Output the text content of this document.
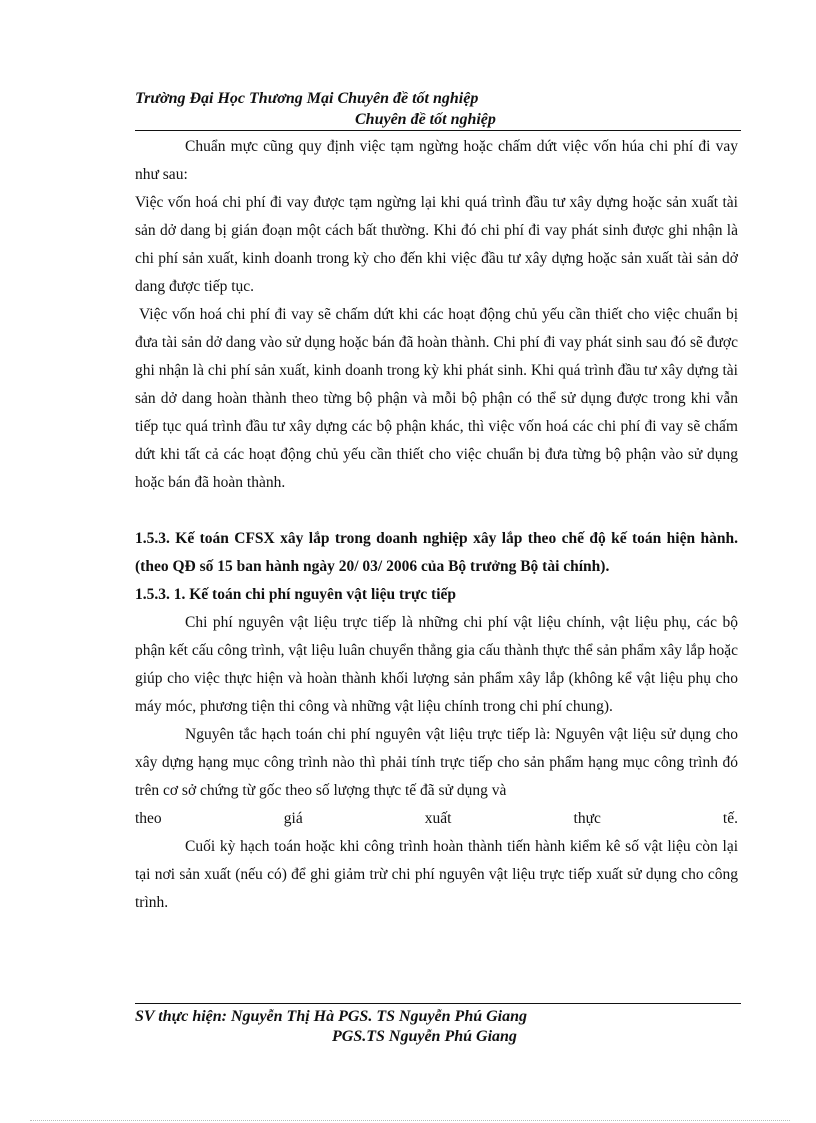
Trường Đại Học Thương Mại Chuyên đề tốt nghiệp
Chuyên đề tốt nghiệp

Chuẩn mực cũng quy định việc tạm ngừng hoặc chấm dứt việc vốn húa chi phí đi vay như sau:

Việc vốn hoá chi phí đi vay được tạm ngừng lại khi quá trình đầu tư xây dựng hoặc sản xuất tài sản dở dang bị gián đoạn một cách bất thường. Khi đó chi phí đi vay phát sinh được ghi nhận là chi phí sản xuất, kinh doanh trong kỳ cho đến khi việc đầu tư xây dựng hoặc sản xuất tài sản dở dang được tiếp tục.

Việc vốn hoá chi phí đi vay sẽ chấm dứt khi các hoạt động chủ yếu cần thiết cho việc chuẩn bị đưa tài sản dở dang vào sử dụng hoặc bán đã hoàn thành. Chi phí đi vay phát sinh sau đó sẽ được ghi nhận là chi phí sản xuất, kinh doanh trong kỳ khi phát sinh. Khi quá trình đầu tư xây dựng tài sản dở dang hoàn thành theo từng bộ phận và mỗi bộ phận có thể sử dụng được trong khi vẫn tiếp tục quá trình đầu tư xây dựng các bộ phận khác, thì việc vốn hoá các chi phí đi vay sẽ chấm dứt khi tất cả các hoạt động chủ yếu cần thiết cho việc chuẩn bị đưa từng bộ phận vào sử dụng hoặc bán đã hoàn thành.

1.5.3. Kế toán CFSX xây lắp trong doanh nghiệp xây lắp theo chế độ kế toán hiện hành. (theo QĐ số 15 ban hành ngày 20/ 03/ 2006 của Bộ trưởng Bộ tài chính).

1.5.3. 1. Kế toán chi phí nguyên vật liệu trực tiếp

Chi phí nguyên vật liệu trực tiếp là những chi phí vật liệu chính, vật liệu phụ, các bộ phận kết cấu công trình, vật liệu luân chuyển thẳng gia cấu thành thực thể sản phẩm xây lắp hoặc giúp cho việc thực hiện và hoàn thành khối lượng sản phẩm xây lắp (không kể vật liệu phụ cho máy móc, phương tiện thi công và những vật liệu chính trong chi phí chung).

Nguyên tắc hạch toán chi phí nguyên vật liệu trực tiếp là: Nguyên vật liệu sử dụng cho xây dựng hạng mục công trình nào thì phải tính trực tiếp cho sản phẩm hạng mục công trình đó trên cơ sở chứng từ gốc theo số lượng thực tế đã sử dụng và

theo giá xuất thực tế.

Cuối kỳ hạch toán hoặc khi công trình hoàn thành tiến hành kiểm kê số vật liệu còn lại tại nơi sản xuất (nếu có) để ghi giảm trừ chi phí nguyên vật liệu trực tiếp xuất sử dụng cho công trình.

SV thực hiện: Nguyễn Thị Hà PGS. TS Nguyễn Phú Giang
PGS.TS Nguyễn Phú Giang
